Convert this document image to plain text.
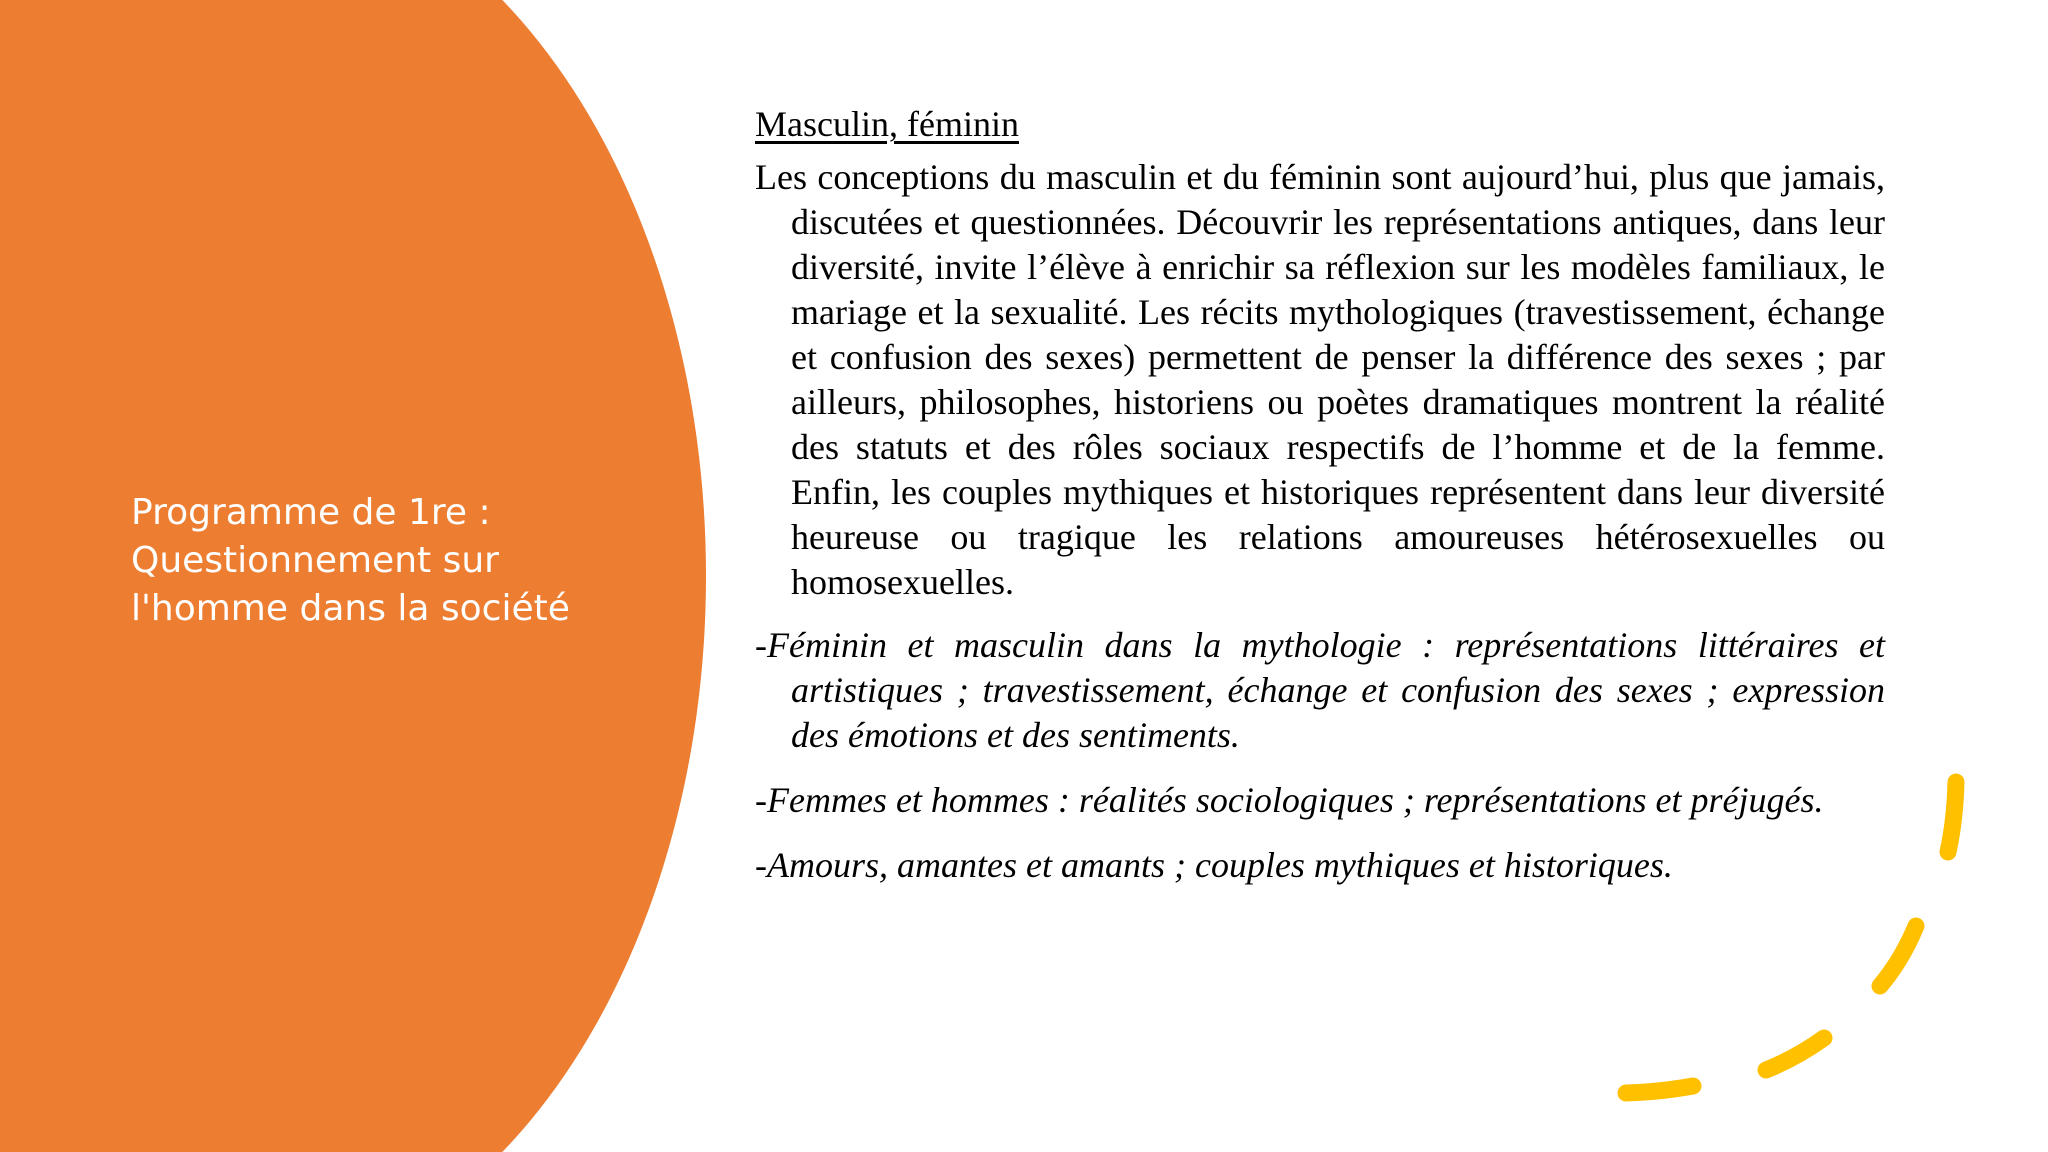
Programme de 1re :
Questionnement sur
l'homme dans la société
Masculin, féminin

Les conceptions du masculin et du féminin sont aujourd’hui, plus que jamais, discutées et questionnées. Découvrir les représentations antiques, dans leur diversité, invite l’élève à enrichir sa réflexion sur les modèles familiaux, le mariage et la sexualité. Les récits mythologiques (travestissement, échange et confusion des sexes) permettent de penser la différence des sexes ; par ailleurs, philosophes, historiens ou poètes dramatiques montrent la réalité des statuts et des rôles sociaux respectifs de l’homme et de la femme. Enfin, les couples mythiques et historiques représentent dans leur diversité heureuse ou tragique les relations amoureuses hétérosexuelles ou homosexuelles.

-Féminin et masculin dans la mythologie : représentations littéraires et artistiques ; travestissement, échange et confusion des sexes ; expression des émotions et des sentiments.

-Femmes et hommes : réalités sociologiques ; représentations et préjugés.

-Amours, amantes et amants ; couples mythiques et historiques.
